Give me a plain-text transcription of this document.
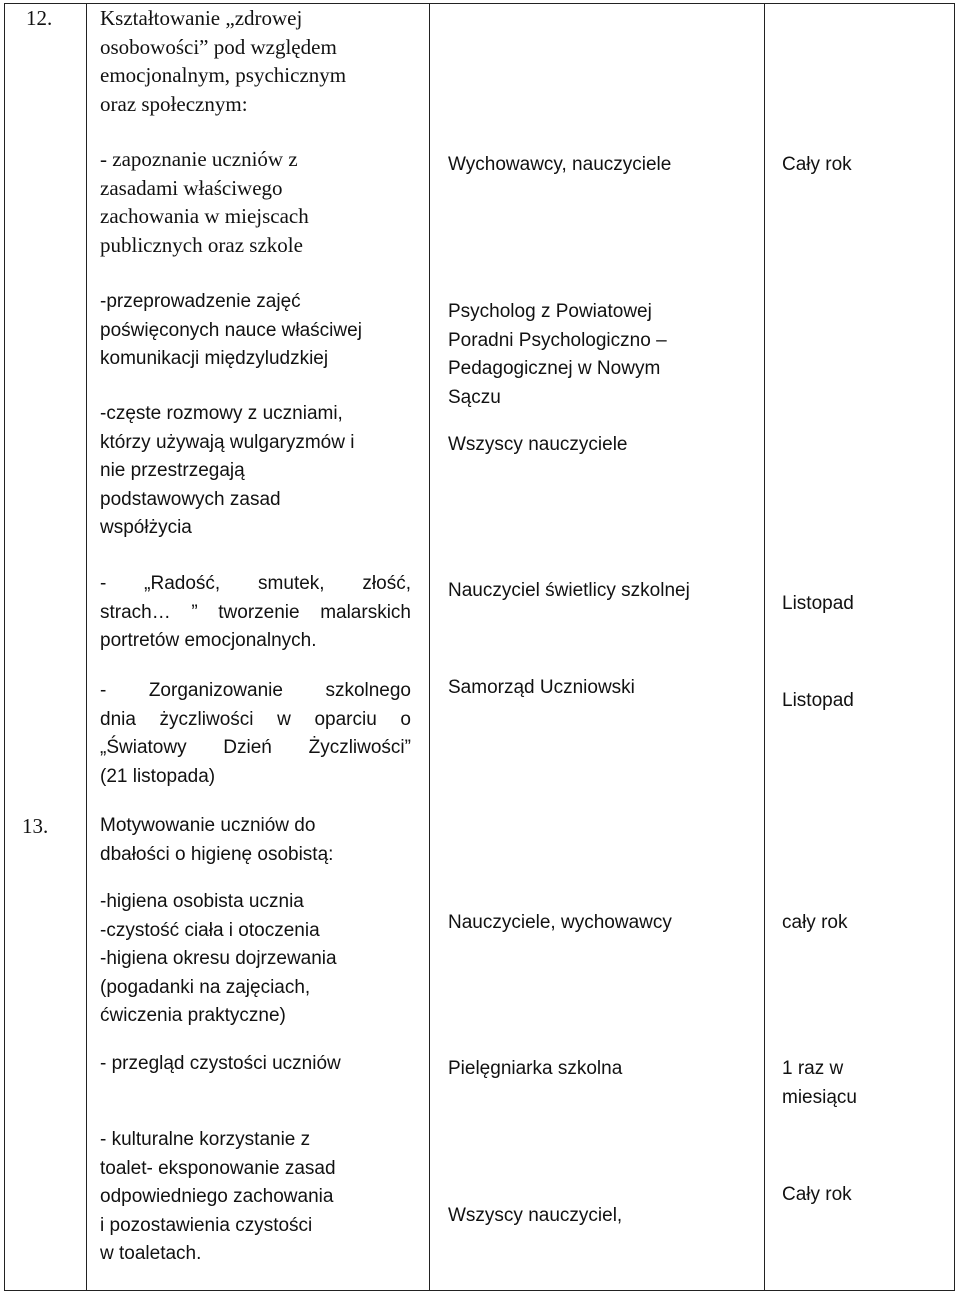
12. Kształtowanie „zdrowej
osobowości” pod względem
emocjonalnym, psychicznym
oraz społecznym:
- zapoznanie uczniów z
zasadami właściwego
zachowania w miejscach
publicznych oraz szkole
-przeprowadzenie zajęć
poświęconych nauce właściwej
komunikacji międzyludzkiej
-częste rozmowy z uczniami,
którzy używają wulgaryzmów i
nie przestrzegają
podstawowych zasad
współżycia
- „Radość, smutek, złość,
strach… ” tworzenie malarskich
portretów emocjonalnych.
- Zorganizowanie szkolnego
dnia życzliwości w oparciu o
„Światowy Dzień Życzliwości”
(21 listopada)
Wychowawcy, nauczyciele
Psycholog z Powiatowej
Poradni Psychologiczno –
Pedagogicznej w Nowym
Sączu
Wszyscy nauczyciele
Nauczyciel świetlicy szkolnej
Samorząd Uczniowski
Cały rok
Listopad
Listopad
13.	Motywowanie uczniów do
dbałości o higienę osobistą:
-higiena osobista ucznia
-czystość ciała i otoczenia
-higiena okresu dojrzewania
(pogadanki na zajęciach,
ćwiczenia praktyczne)
- przegląd czystości uczniów
- kulturalne korzystanie z
toalet- eksponowanie zasad
odpowiedniego zachowania
i pozostawienia czystości
w toaletach.
Nauczyciele, wychowawcy
Pielęgniarka szkolna
Wszyscy nauczyciel,
cały rok
1 raz w
miesiącu
Cały rok
